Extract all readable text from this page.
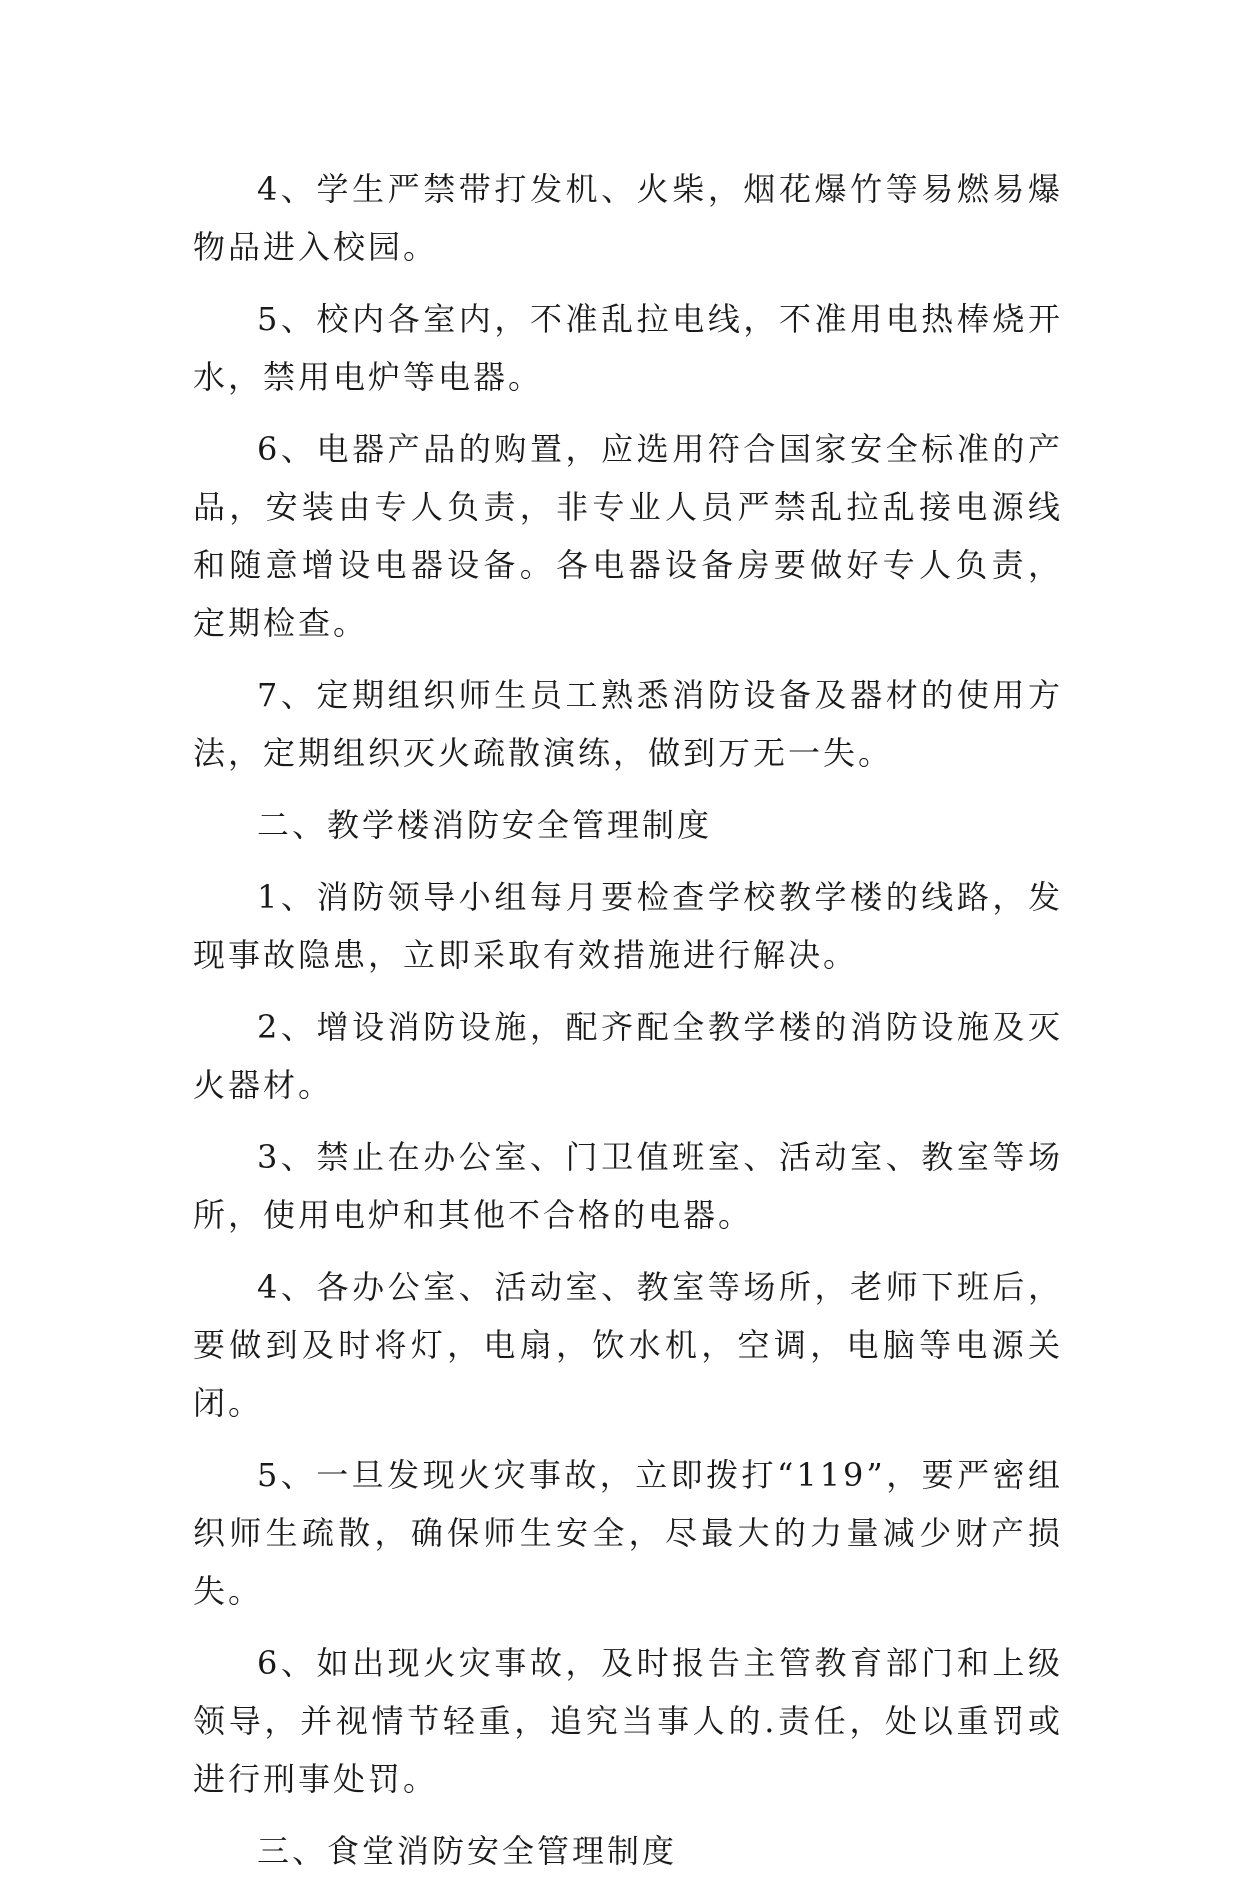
4、学生严禁带打发机、火柴，烟花爆竹等易燃易爆物品进入校园。

5、校内各室内，不准乱拉电线，不准用电热棒烧开水，禁用电炉等电器。

6、电器产品的购置，应选用符合国家安全标准的产品，安装由专人负责，非专业人员严禁乱拉乱接电源线和随意增设电器设备。各电器设备房要做好专人负责，定期检查。

7、定期组织师生员工熟悉消防设备及器材的使用方法，定期组织灭火疏散演练，做到万无一失。

二、教学楼消防安全管理制度

1、消防领导小组每月要检查学校教学楼的线路，发现事故隐患，立即采取有效措施进行解决。

2、增设消防设施，配齐配全教学楼的消防设施及灭火器材。

3、禁止在办公室、门卫值班室、活动室、教室等场所，使用电炉和其他不合格的电器。

4、各办公室、活动室、教室等场所，老师下班后，要做到及时将灯，电扇，饮水机，空调，电脑等电源关闭。

5、一旦发现火灾事故，立即拨打“119”，要严密组织师生疏散，确保师生安全，尽最大的力量减少财产损失。

6、如出现火灾事故，及时报告主管教育部门和上级领导，并视情节轻重，追究当事人的.责任，处以重罚或进行刑事处罚。

三、食堂消防安全管理制度
